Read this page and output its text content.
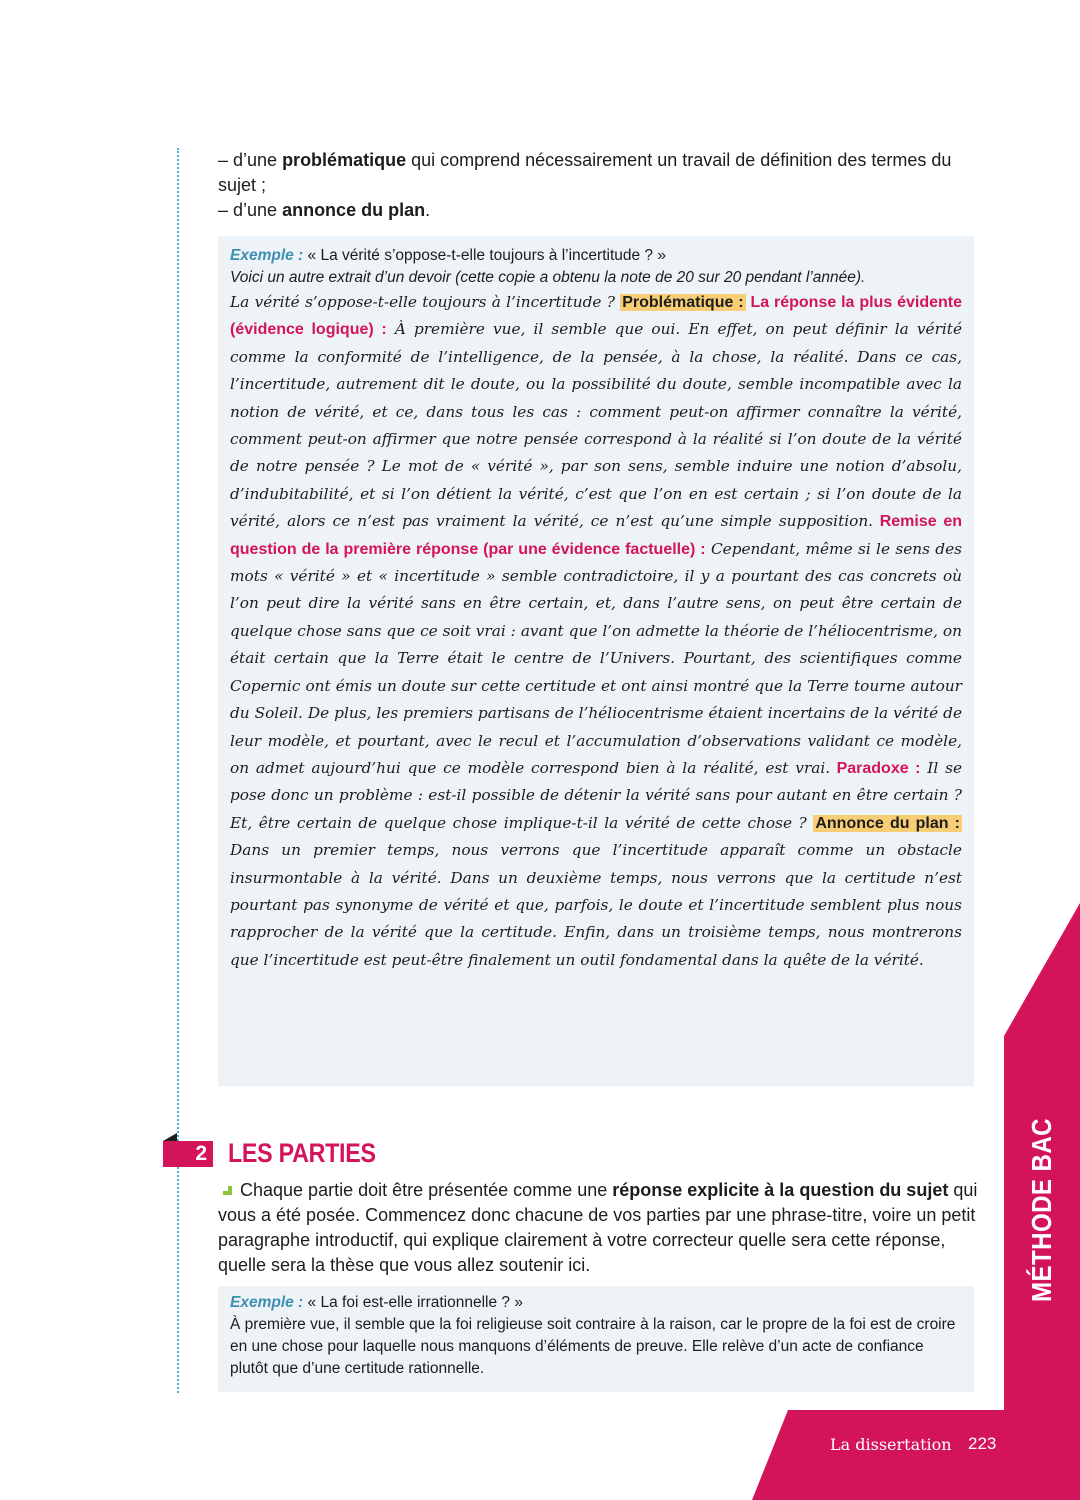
– d’une problématique qui comprend nécessairement un travail de définition des termes du sujet ;

– d’une annonce du plan.

Exemple : « La vérité s’oppose-t-elle toujours à l’incertitude ? »

Voici un autre extrait d’un devoir (cette copie a obtenu la note de 20 sur 20 pendant l’année).

La vérité s’oppose-t-elle toujours à l’incertitude ? Problématique : La réponse la plus évidente (évidence logique) : À première vue, il semble que oui. En effet, on peut définir la vérité comme la conformité de l’intelligence, de la pensée, à la chose, la réalité. Dans ce cas, l’incertitude, autrement dit le doute, ou la possibilité du doute, semble incompatible avec la notion de vérité, et ce, dans tous les cas : comment peut-on affirmer connaître la vérité, comment peut-on affirmer que notre pensée correspond à la réalité si l’on doute de la vérité de notre pensée ? Le mot de « vérité », par son sens, semble induire une notion d’absolu, d’indubitabilité, et si l’on détient la vérité, c’est que l’on en est certain ; si l’on doute de la vérité, alors ce n’est pas vraiment la vérité, ce n’est qu’une simple supposition. Remise en question de la première réponse (par une évidence factuelle) : Cependant, même si le sens des mots « vérité » et « incertitude » semble contradictoire, il y a pourtant des cas concrets où l’on peut dire la vérité sans en être certain, et, dans l’autre sens, on peut être certain de quelque chose sans que ce soit vrai : avant que l’on admette la théorie de l’héliocentrisme, on était certain que la Terre était le centre de l’Univers. Pourtant, des scientifiques comme Copernic ont émis un doute sur cette certitude et ont ainsi montré que la Terre tourne autour du Soleil. De plus, les premiers partisans de l’héliocentrisme étaient incertains de la vérité de leur modèle, et pourtant, avec le recul et l’accumulation d’observations validant ce modèle, on admet aujourd’hui que ce modèle correspond bien à la réalité, est vrai. Paradoxe : Il se pose donc un problème : est-il possible de détenir la vérité sans pour autant en être certain ? Et, être certain de quelque chose implique-t-il la vérité de cette chose ? Annonce du plan : Dans un premier temps, nous verrons que l’incertitude apparaît comme un obstacle insurmontable à la vérité. Dans un deuxième temps, nous verrons que la certitude n’est pourtant pas synonyme de vérité et que, parfois, le doute et l’incertitude semblent plus nous rapprocher de la vérité que la certitude. Enfin, dans un troisième temps, nous montrerons que l’incertitude est peut-être finalement un outil fondamental dans la quête de la vérité.

2 LES PARTIES

Chaque partie doit être présentée comme une réponse explicite à la question du sujet qui vous a été posée. Commencez donc chacune de vos parties par une phrase-titre, voire un petit paragraphe introductif, qui explique clairement à votre correcteur quelle sera cette réponse, quelle sera la thèse que vous allez soutenir ici.

Exemple : « La foi est-elle irrationnelle ? »

À première vue, il semble que la foi religieuse soit contraire à la raison, car le propre de la foi est de croire en une chose pour laquelle nous manquons d’éléments de preuve. Elle relève d’un acte de confiance plutôt que d’une certitude rationnelle.

MÉTHODE BAC
La dissertation 223
